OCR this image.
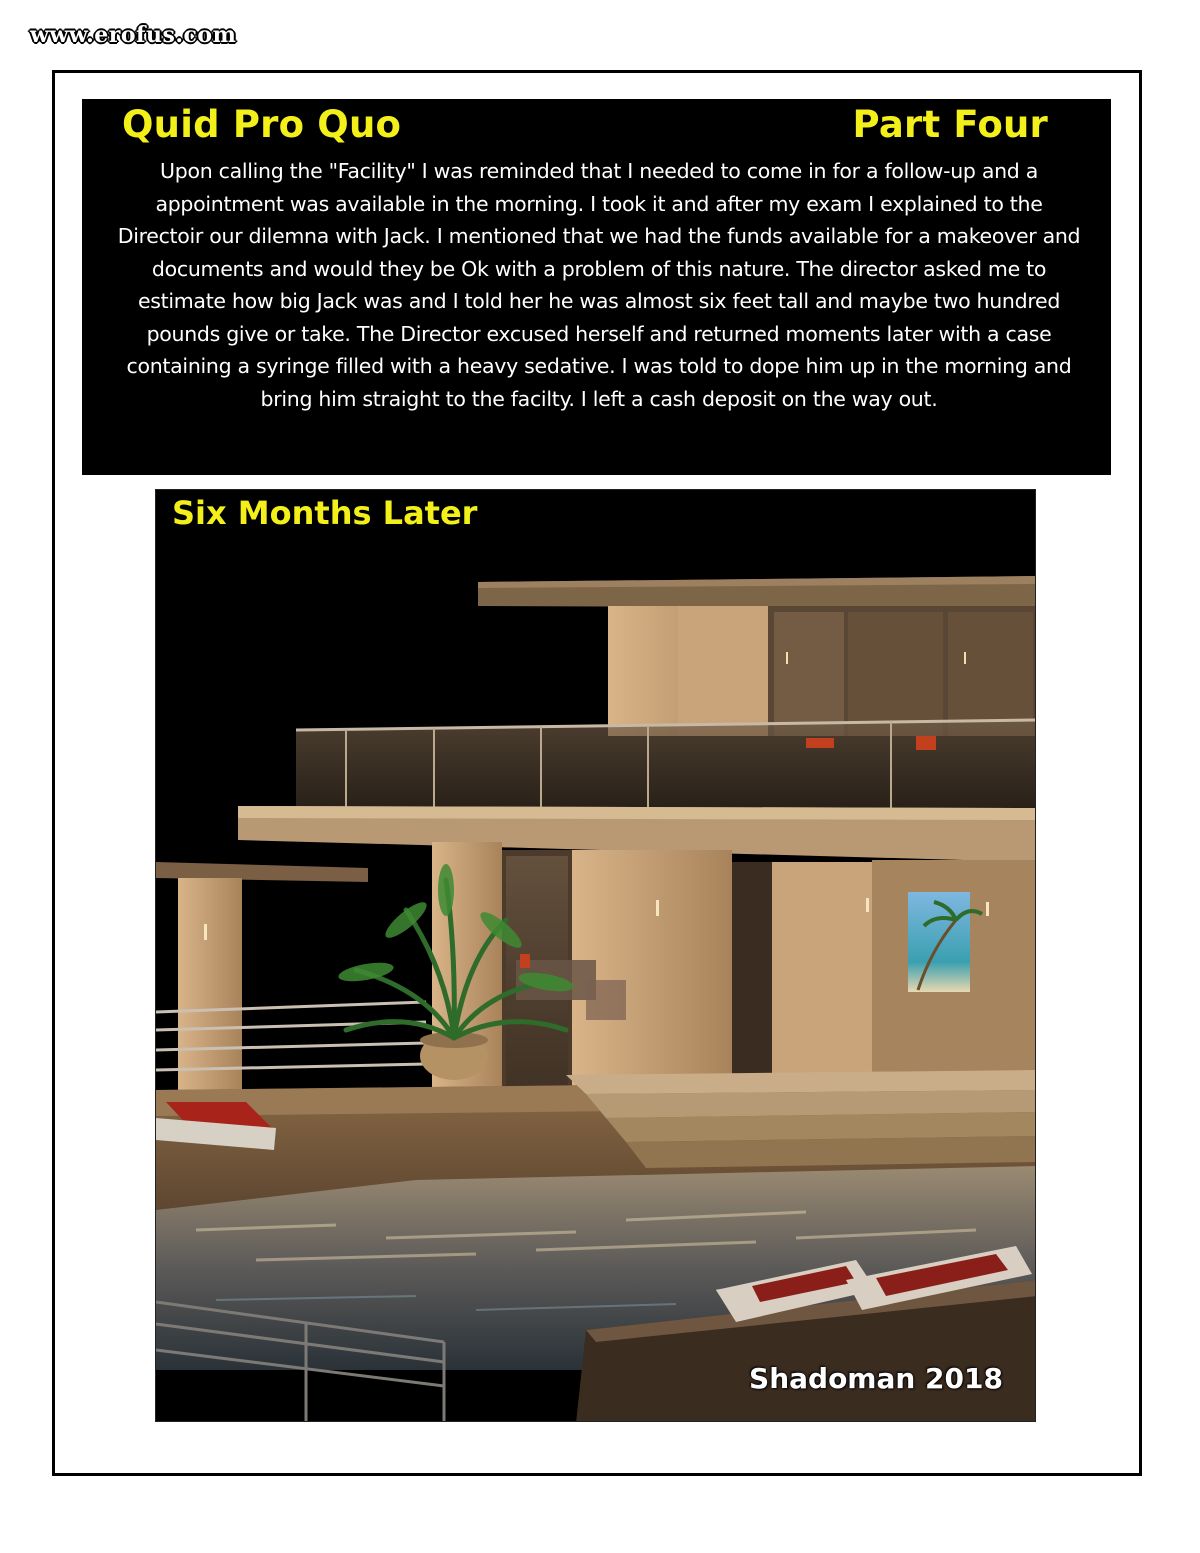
www.erofus.com
Quid Pro Quo	Part Four

Upon calling the "Facility" I was reminded that I needed to come in for a follow-up and a appointment was available in the morning. I took it and after my exam I explained to the Directoir our dilemna with Jack. I mentioned that we had the funds available for a makeover and documents and would they be Ok with a problem of this nature. The director asked me to estimate how big Jack was and I told her he was almost six feet tall and maybe two hundred pounds give or take. The Director excused herself and returned moments later with a case containing a syringe filled with a heavy sedative. I was told to dope him up in the morning and bring him straight to the facilty. I left a cash deposit on the way out.

Six Months Later
Shadoman 2018
